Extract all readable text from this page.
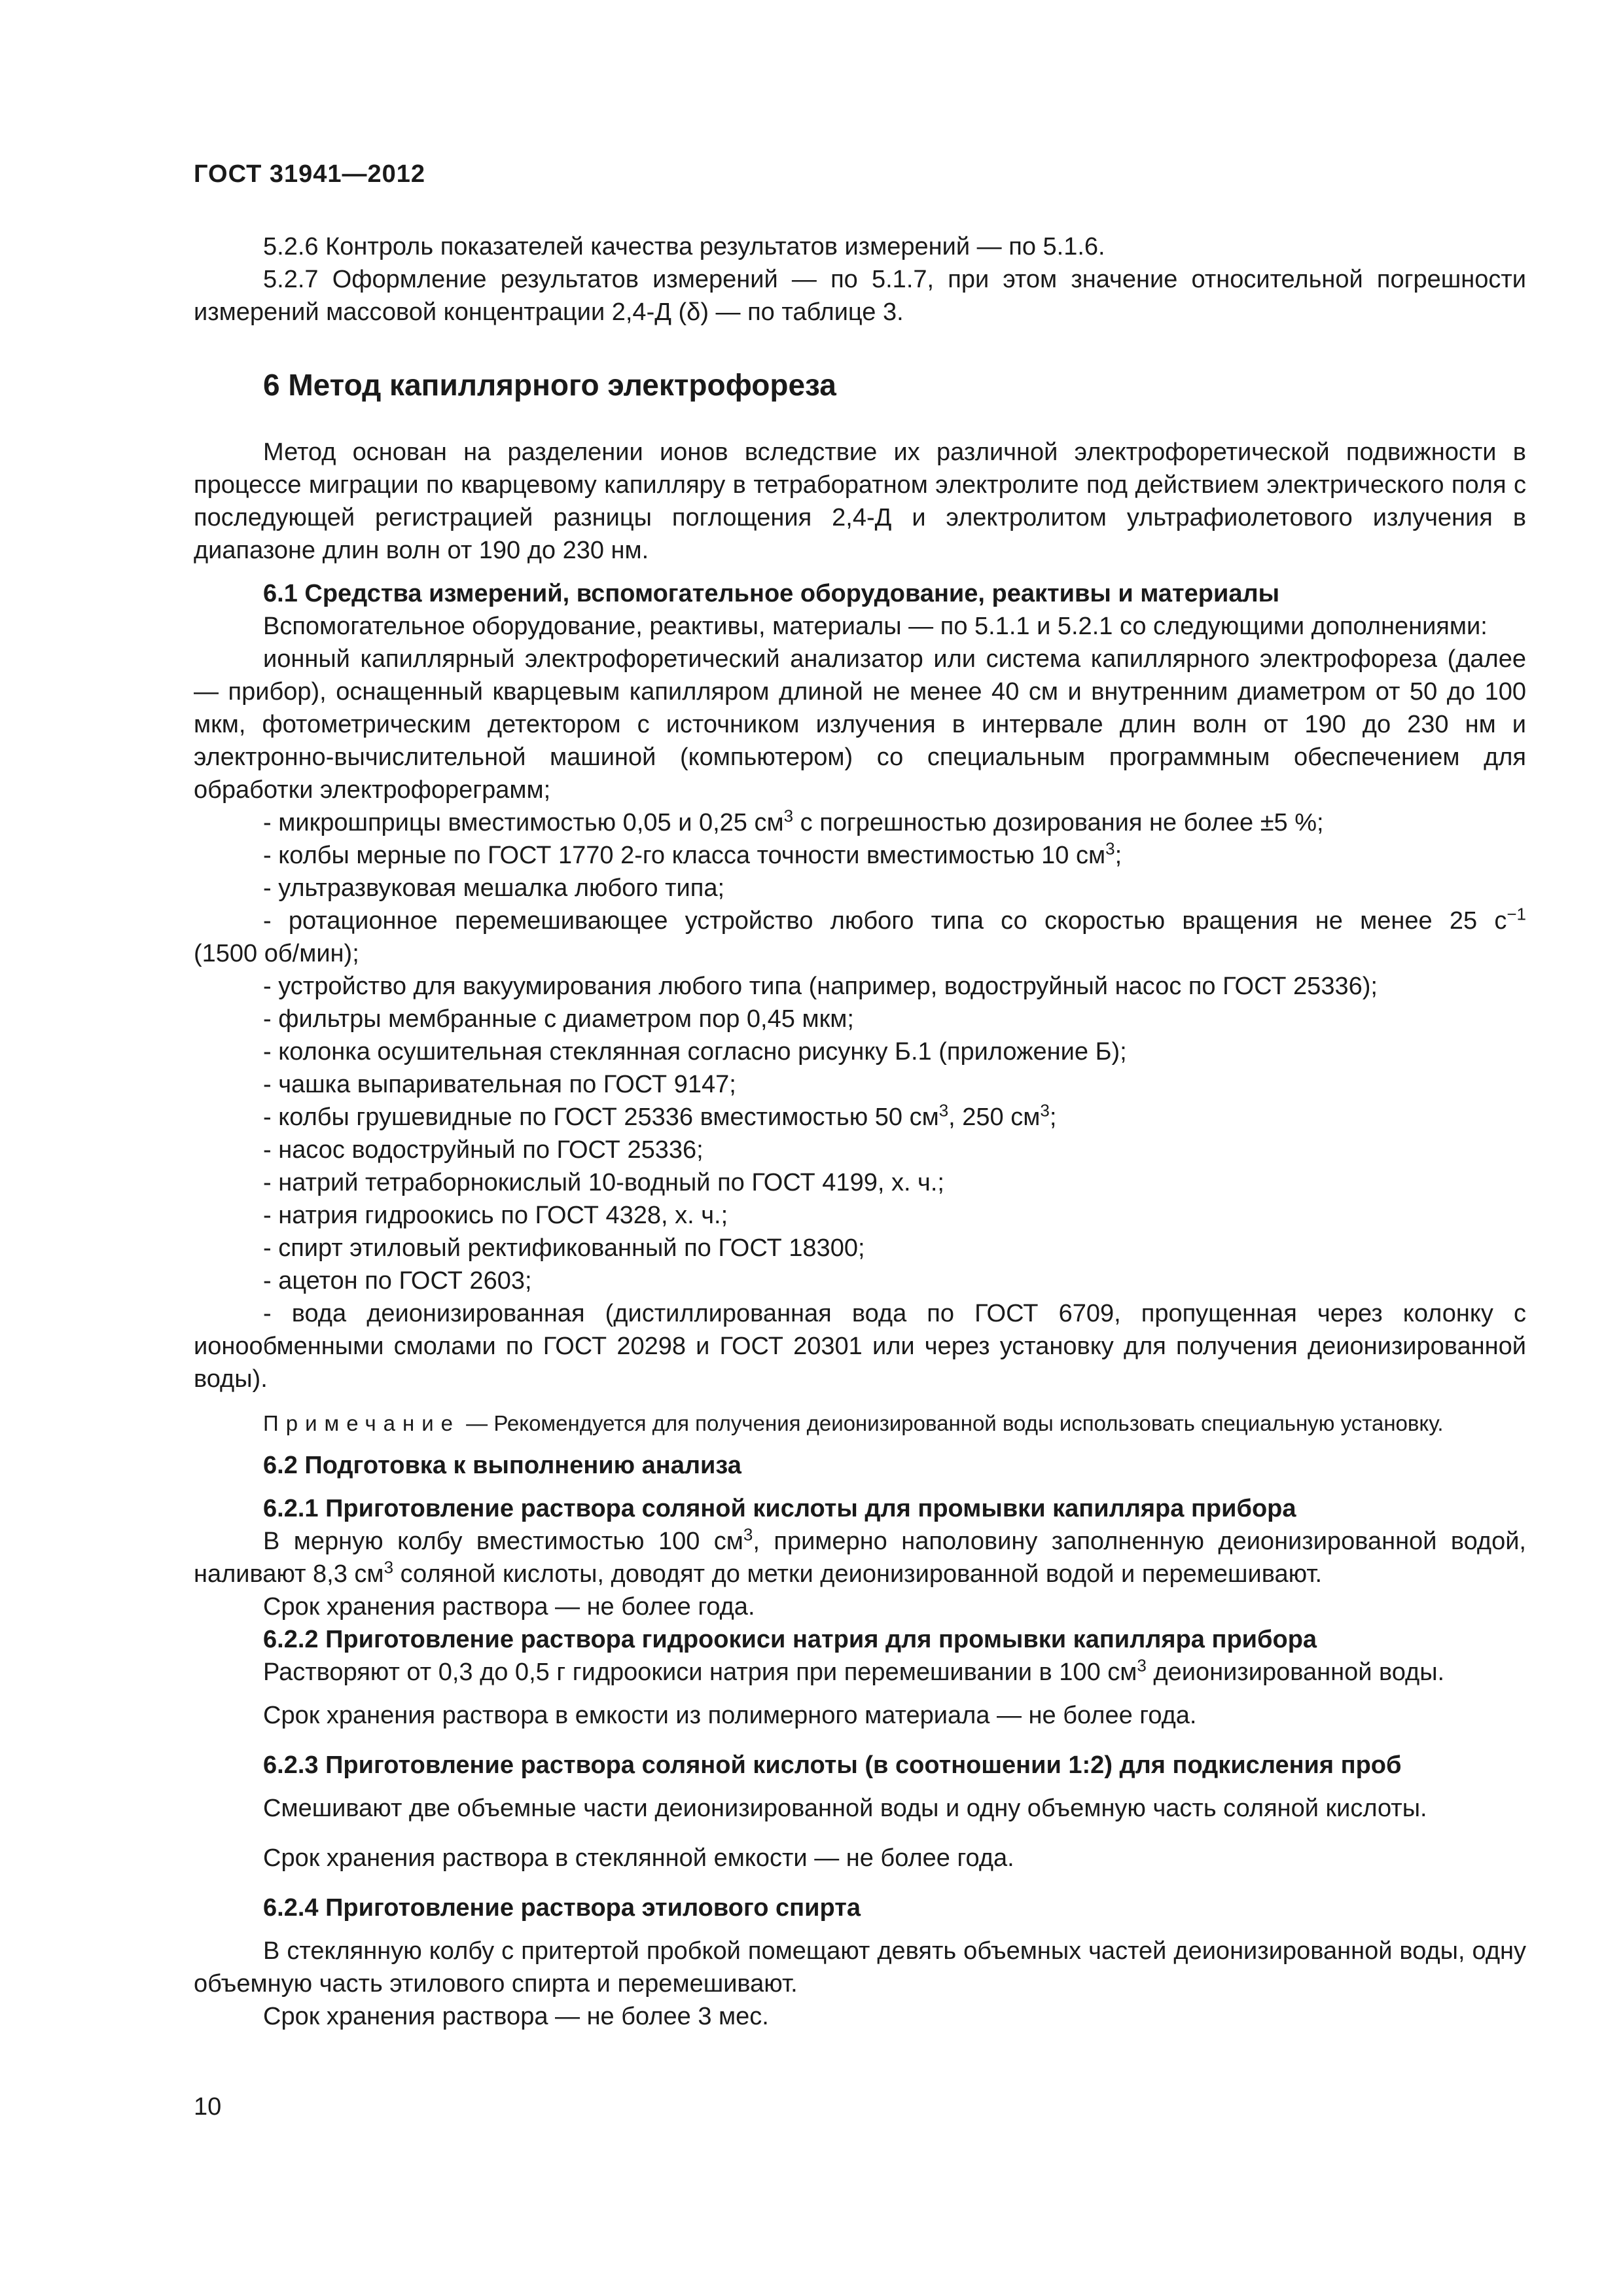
ГОСТ 31941—2012

5.2.6 Контроль показателей качества результатов измерений — по 5.1.6.

5.2.7 Оформление результатов измерений — по 5.1.7, при этом значение относительной погрешности измерений массовой концентрации 2,4-Д (δ) — по таблице 3.

6 Метод капиллярного электрофореза

Метод основан на разделении ионов вследствие их различной электрофоретической подвижности в процессе миграции по кварцевому капилляру в тетраборатном электролите под действием электрического поля с последующей регистрацией разницы поглощения 2,4-Д и электролитом ультрафиолетового излучения в диапазоне длин волн от 190 до 230 нм.

6.1 Средства измерений, вспомогательное оборудование, реактивы и материалы

Вспомогательное оборудование, реактивы, материалы — по 5.1.1 и 5.2.1 со следующими дополнениями:

ионный капиллярный электрофоретический анализатор или система капиллярного электрофореза (далее — прибор), оснащенный кварцевым капилляром длиной не менее 40 см и внутренним диаметром от 50 до 100 мкм, фотометрическим детектором с источником излучения в интервале длин волн от 190 до 230 нм и электронно-вычислительной машиной (компьютером) со специальным программным обеспечением для обработки электрофореграмм;

- микрошприцы вместимостью 0,05 и 0,25 $см^3$ с погрешностью дозирования не более ±5 %;

- колбы мерные по ГОСТ 1770 2-го класса точности вместимостью 10 $см^3$;

- ультразвуковая мешалка любого типа;

- ротационное перемешивающее устройство любого типа со скоростью вращения не менее 25 $с^{-1}$

(1500 об/мин);

- устройство для вакуумирования любого типа (например, водоструйный насос по ГОСТ 25336);

- фильтры мембранные с диаметром пор 0,45 мкм;

- колонка осушительная стеклянная согласно рисунку Б.1 (приложение Б);

- чашка выпаривательная по ГОСТ 9147;

- колбы грушевидные по ГОСТ 25336 вместимостью 50 $см^3$, 250 $см^3$;

- насос водоструйный по ГОСТ 25336;

- натрий тетраборнокислый 10-водный по ГОСТ 4199, х. ч.;

- натрия гидроокись по ГОСТ 4328, х. ч.;

- спирт этиловый ректификованный по ГОСТ 18300;

- ацетон по ГОСТ 2603;

- вода деионизированная (дистиллированная вода по ГОСТ 6709, пропущенная через колонку с ионообменными смолами по ГОСТ 20298 и ГОСТ 20301 или через установку для получения деионизированной воды).

Примечание — Рекомендуется для получения деионизированной воды использовать специальную установку.

6.2 Подготовка к выполнению анализа

6.2.1 Приготовление раствора соляной кислоты для промывки капилляра прибора

В мерную колбу вместимостью 100 $см^3$, примерно наполовину заполненную деионизированной водой, наливают 8,3 $см^3$ соляной кислоты, доводят до метки деионизированной водой и перемешивают.

Срок хранения раствора — не более года.

6.2.2 Приготовление раствора гидроокиси натрия для промывки капилляра прибора

Растворяют от 0,3 до 0,5 г гидроокиси натрия при перемешивании в 100 $см^3$ деионизированной воды.

Срок хранения раствора в емкости из полимерного материала — не более года.

6.2.3 Приготовление раствора соляной кислоты (в соотношении 1:2) для подкисления проб

Смешивают две объемные части деионизированной воды и одну объемную часть соляной кислоты.

Срок хранения раствора в стеклянной емкости — не более года.

6.2.4 Приготовление раствора этилового спирта

В стеклянную колбу с притертой пробкой помещают девять объемных частей деионизированной воды, одну объемную часть этилового спирта и перемешивают.

Срок хранения раствора — не более 3 мес.

10
